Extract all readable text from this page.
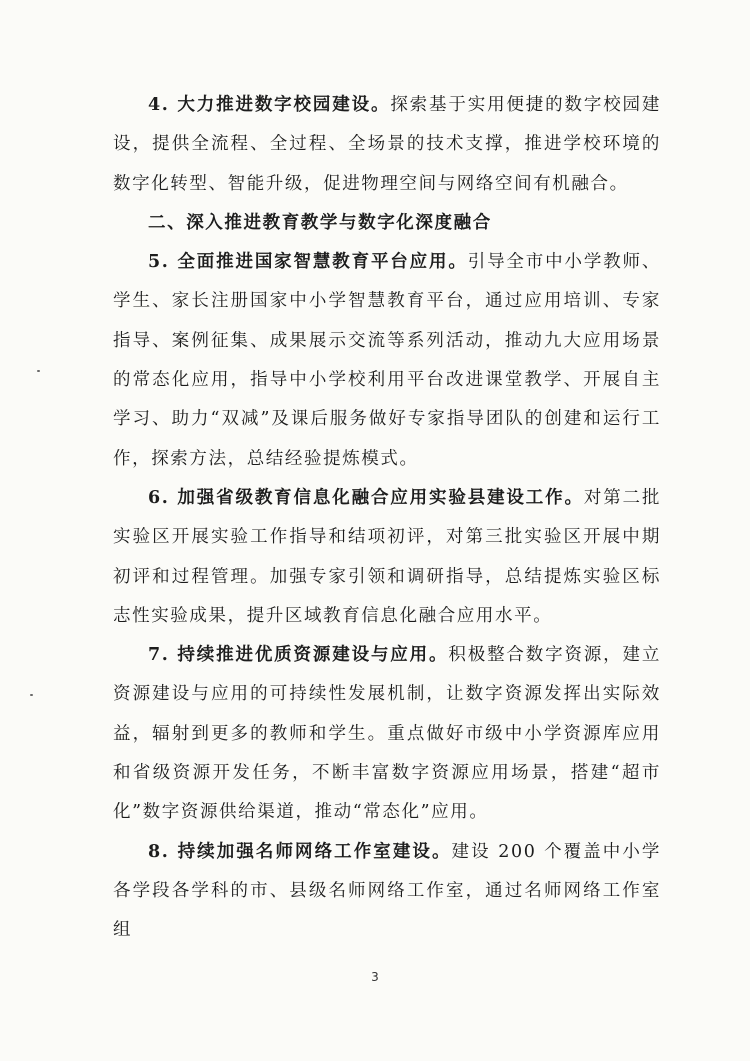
4. 大力推进数字校园建设。探索基于实用便捷的数字校园建设，提供全流程、全过程、全场景的技术支撑，推进学校环境的数字化转型、智能升级，促进物理空间与网络空间有机融合。

二、深入推进教育教学与数字化深度融合

5. 全面推进国家智慧教育平台应用。引导全市中小学教师、学生、家长注册国家中小学智慧教育平台，通过应用培训、专家指导、案例征集、成果展示交流等系列活动，推动九大应用场景的常态化应用，指导中小学校利用平台改进课堂教学、开展自主学习、助力“双减”及课后服务做好专家指导团队的创建和运行工作，探索方法，总结经验提炼模式。

6. 加强省级教育信息化融合应用实验县建设工作。对第二批实验区开展实验工作指导和结项初评，对第三批实验区开展中期初评和过程管理。加强专家引领和调研指导，总结提炼实验区标志性实验成果，提升区域教育信息化融合应用水平。

7. 持续推进优质资源建设与应用。积极整合数字资源，建立资源建设与应用的可持续性发展机制，让数字资源发挥出实际效益，辐射到更多的教师和学生。重点做好市级中小学资源库应用和省级资源开发任务，不断丰富数字资源应用场景，搭建“超市化”数字资源供给渠道，推动“常态化”应用。

8. 持续加强名师网络工作室建设。建设 200 个覆盖中小学各学段各学科的市、县级名师网络工作室，通过名师网络工作室组

3
